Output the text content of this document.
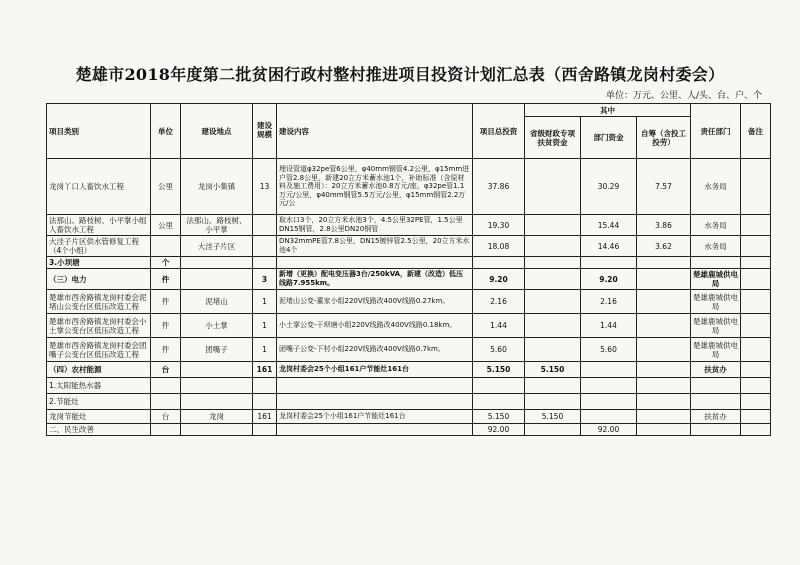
楚雄市2018年度第二批贫困行政村整村推进项目投资计划汇总表（西舍路镇龙岗村委会）
单位：万元、公里、人/头、台、户、个
项目类别	单位	建设地点	建设规模	建设内容	项目总投资	其中			责任部门	备注
						省级财政专项扶贫资金	部门资金	自筹（含投工投劳）		
龙岗丫口人畜饮水工程	公里	龙岗小集镇	13	埋设管道φ32pe管6公里，φ40mm钢管4.2公里，φ15mm进户管2.8公里，新建20立方米蓄水池1个，补助标准（含原材料及施工费用）：20立方米蓄水池0.8万元/座，φ32pe管1.1万元/公里，φ40mm钢管5.5万元/公里，φ15mm钢管2.2万元/公	37.86		30.29	7.57	水务局	
法那山、路枝树、小平掌小组人畜饮水工程	公里	法那山、路枝树、小平掌		取水口3个，20立方米水池3个，4.5公里32PE管，1.5公里DN15钢管，2.8公里DN20钢管	19.30		15.44	3.86	水务局	
大洼子片区供水管修复工程（4个小组）		大洼子片区		DN32mmPE管7.8公里，DN15镀锌管2.5公里，20立方米水池4个	18.08		14.46	3.62	水务局	
3.小坝塘	个									
（三）电力	件		3	新增（更换）配电变压器3台/250kVA，新建（改造）低压线路7.955km。	9.20		9.20		楚雄鹿城供电局	
楚雄市西舍路镇龙岗村委会泥堵山公变台区低压改造工程	件	泥堵山	1	泥堵山公变-董家小组220V线路改400V线路0.27km。	2.16		2.16		楚雄鹿城供电局	
楚雄市西舍路镇龙岗村委会小土掌公变台区低压改造工程	件	小土掌	1	小土掌公变-干坝塘小组220V线路改400V线路0.18km。	1.44		1.44		楚雄鹿城供电局	
楚雄市西舍路镇龙岗村委会团嘴子公变台区低压改造工程	件	团嘴子	1	团嘴子公变-下村小组220V线路改400V线路0.7km。	5.60		5.60		楚雄鹿城供电局	
（四）农村能源	台		161	龙岗村委会25个小组161户节能灶161台	5.150	5.150			扶贫办	
1.太阳能热水器										
2.节能灶										
龙岗节能灶	台	龙岗	161	龙岗村委会25个小组161户节能灶161台	5.150	5.150			扶贫办	
二、民生改善					92.00		92.00			
